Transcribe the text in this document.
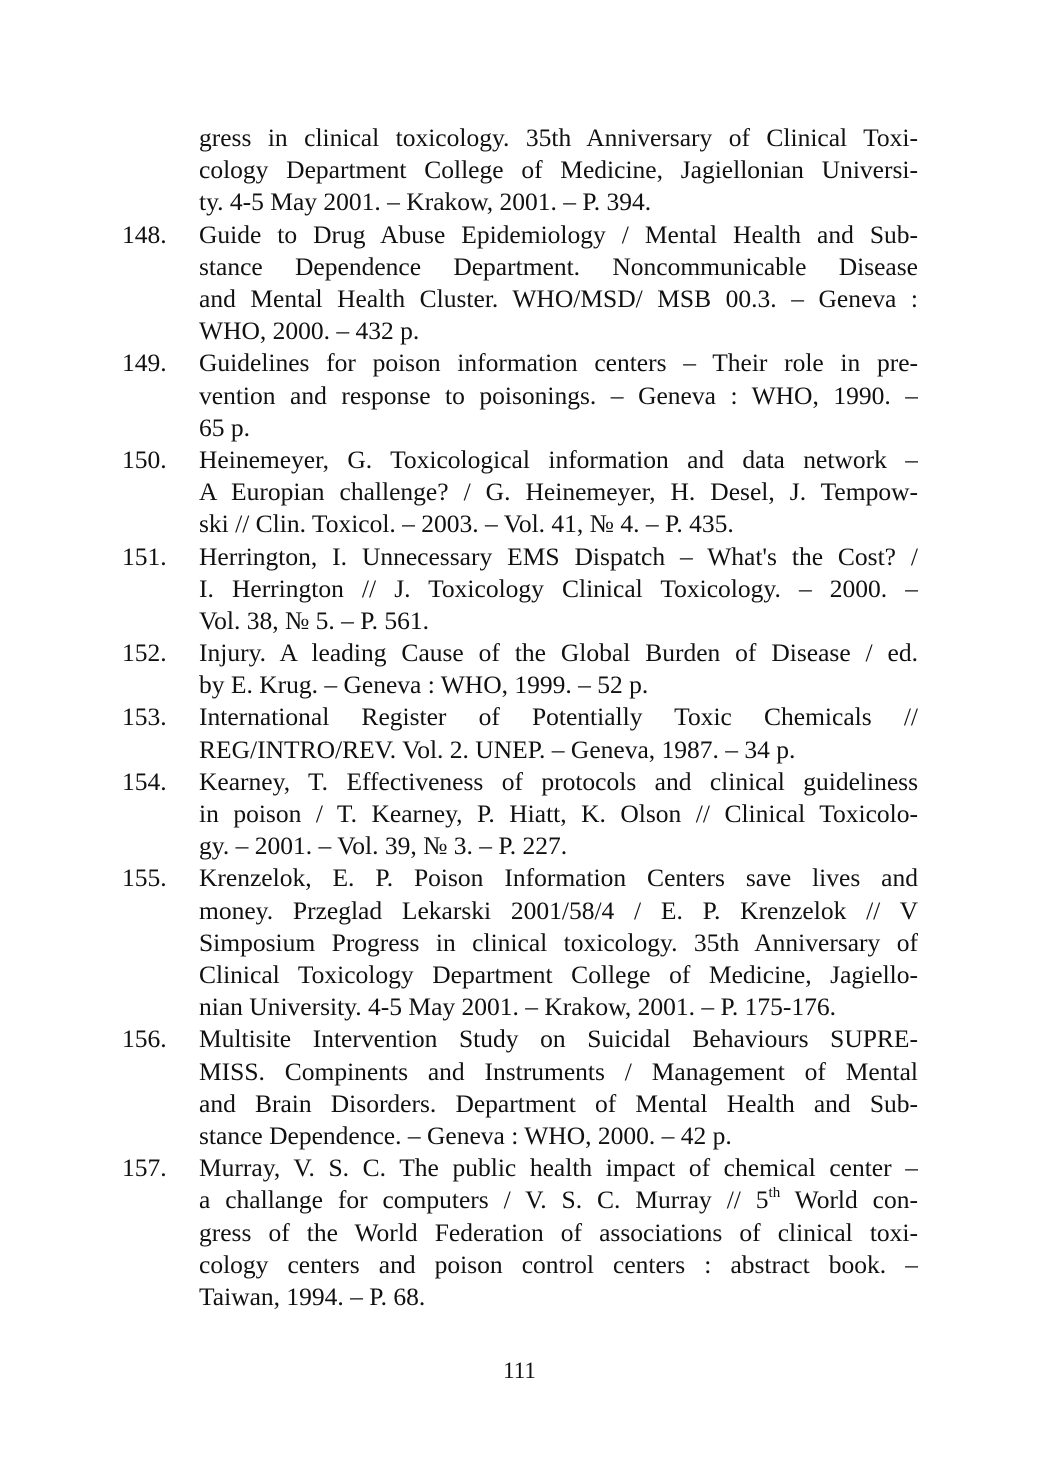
gress in clinical toxicology. 35th Anniversary of Clinical Toxi-
cology Department College of Medicine, Jagiellonian Universi-
ty. 4-5 May 2001. – Krakow, 2001. – P. 394.
148.	Guide to Drug Abuse Epidemiology / Mental Health and Sub-
stance Dependence Department. Noncommunicable Disease
and Mental Health Cluster. WHO/MSD/ MSB 00.3. – Geneva :
WHO, 2000. – 432 p.
149.	Guidelines for poison information centers – Their role in pre-
vention and response to poisonings. – Geneva : WHO, 1990. –
65 p.
150.	Heinemeyer, G. Toxicological information and data network –
A Europian challenge? / G. Heinemeyer, H. Desel, J. Tempow-
ski // Clin. Toxicol. – 2003. – Vol. 41, № 4. – P. 435.
151.	Herrington, I. Unnecessary EMS Dispatch – What's the Cost? /
I. Herrington // J. Toxicology Clinical Toxicology. – 2000. –
Vol. 38, № 5. – P. 561.
152.	Injury. A leading Cause of the Global Burden of Disease / ed.
by E. Krug. – Geneva : WHO, 1999. – 52 p.
153.	International Register of Potentially Toxic Chemicals //
REG/INTRO/REV. Vol. 2. UNEP. – Geneva, 1987. – 34 p.
154.	Kearney, T. Effectiveness of protocols and clinical guideliness
in poison / T. Kearney, P. Hiatt, K. Olson // Clinical Toxicolo-
gy. – 2001. – Vol. 39, № 3. – P. 227.
155.	Krenzelok, E. P. Poison Information Centers save lives and
money. Przeglad Lekarski 2001/58/4 / E. P. Krenzelok // V
Simposium Progress in clinical toxicology. 35th Anniversary of
Clinical Toxicology Department College of Medicine, Jagiello-
nian University. 4-5 May 2001. – Krakow, 2001. – P. 175-176.
156.	Multisite Intervention Study on Suicidal Behaviours SUPRE-
MISS. Compinents and Instruments / Management of Mental
and Brain Disorders. Department of Mental Health and Sub-
stance Dependence. – Geneva : WHO, 2000. – 42 p.
157.	Murray, V. S. C. The public health impact of chemical center –
a challange for computers / V. S. C. Murray // 5th World con-
gress of the World Federation of associations of clinical toxi-
cology centers and poison control centers : abstract book. –
Taiwan, 1994. – P. 68.
111
